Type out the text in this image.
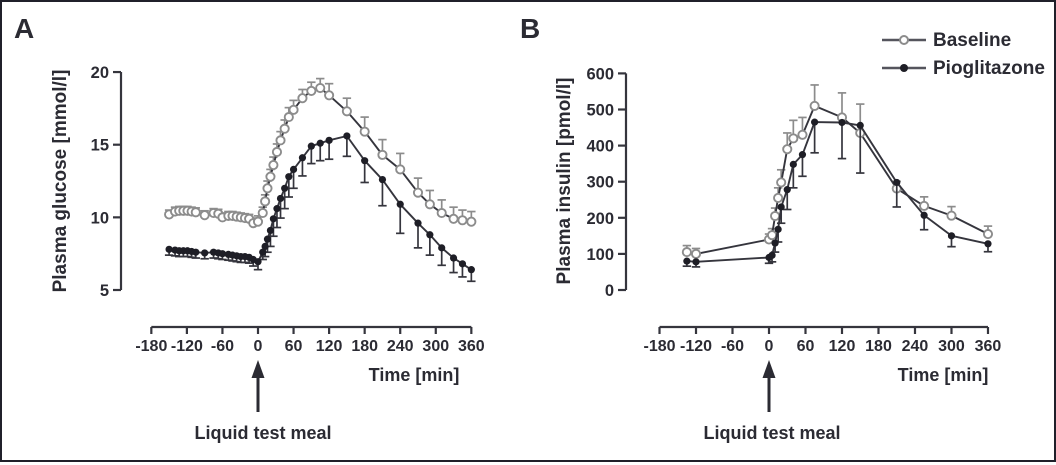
A	B
Plasma glucose [mmol/l]	Plasma insulin [pmol/l]
Time [min]	Time [min]
Liquid test meal	Liquid test meal
Baseline
Pioglitazone
5
10
15
20
-180 -120 -60 0 60 120 180 240 300 360
0
100
200
300
400
500
600
-180 -120 -60 0 60 120 180 240 300 360
